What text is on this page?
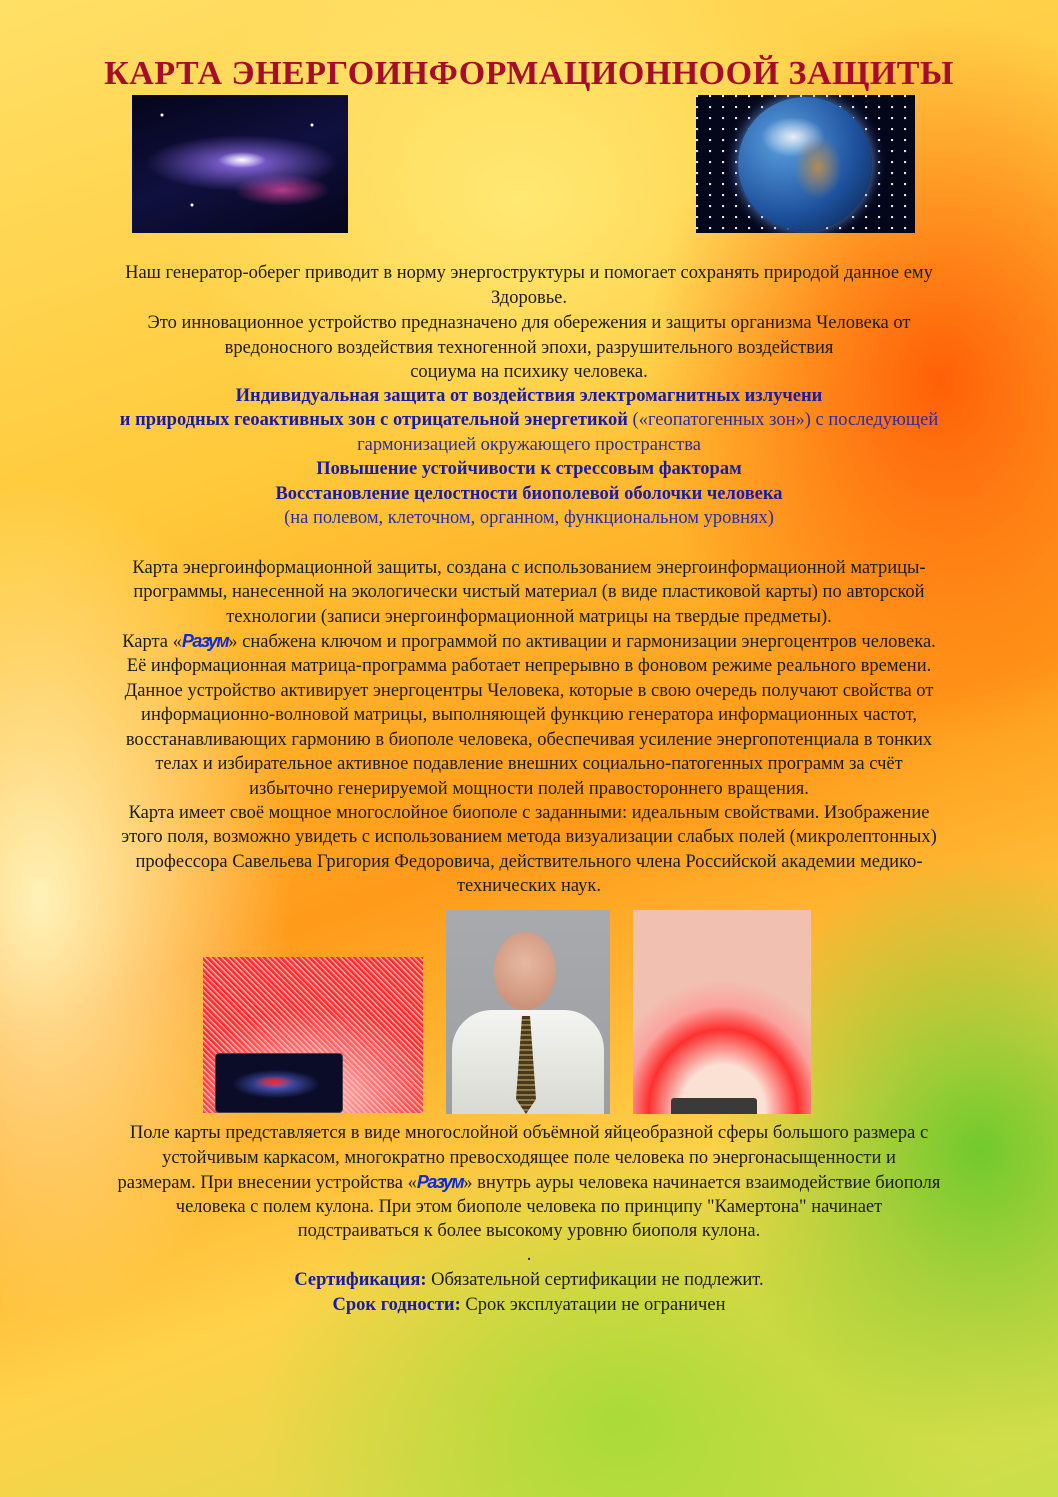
КАРТА ЭНЕРГОИНФОРМАЦИОННООЙ ЗАЩИТЫ

Наш генератор-оберег приводит в норму энергоструктуры и помогает сохранять природой данное ему

Здоровье.

Это инновационное устройство предназначено для обережения и защиты организма Человека от

вредоносного воздействия техногенной эпохи, разрушительного воздействия

социума на психику человека.

Индивидуальная защита от воздействия электромагнитных излучени

и природных геоактивных зон с отрицательной энергетикой («геопатогенных зон») с последующей

гармонизацией окружающего пространства

Повышение устойчивости к стрессовым факторам

Восстановление целостности биополевой оболочки человека

(на полевом, клеточном, органном, функциональном уровнях)

Карта энергоинформационной защиты, создана с использованием энергоинформационной матрицы-

программы, нанесенной на экологически чистый материал (в виде пластиковой карты) по авторской

технологии (записи энергоинформационной матрицы на твердые предметы).

Карта «Разум» снабжена ключом и программой по активации и гармонизации энергоцентров человека.

Её информационная матрица-программа работает непрерывно в фоновом режиме реального времени.

Данное устройство активирует энергоцентры Человека, которые в свою очередь получают свойства от

информационно-волновой матрицы, выполняющей функцию генератора информационных частот,

восстанавливающих гармонию в биополе человека, обеспечивая усиление энергопотенциала в тонких

телах и избирательное активное подавление внешних социально-патогенных программ за счёт

избыточно генерируемой мощности полей правостороннего вращения.

Карта имеет своё мощное многослойное биополе с заданными: идеальным свойствами. Изображение

этого поля, возможно увидеть с использованием метода визуализации слабых полей (микролептонных)

профессора Савельева Григория Федоровича, действительного члена Российской академии медико-

технических наук.

Поле карты представляется в виде многослойной объёмной яйцеобразной сферы большого размера с

устойчивым каркасом, многократно превосходящее поле человека по энергонасыщенности и

размерам. При внесении устройства «Разум» внутрь ауры человека начинается взаимодействие биополя

человека с полем кулона. При этом биополе человека по принципу "Камертона" начинает

подстраиваться к более высокому уровню биополя кулона.

.

Сертификация: Обязательной сертификации не подлежит.

Срок годности: Срок эксплуатации не ограничен
